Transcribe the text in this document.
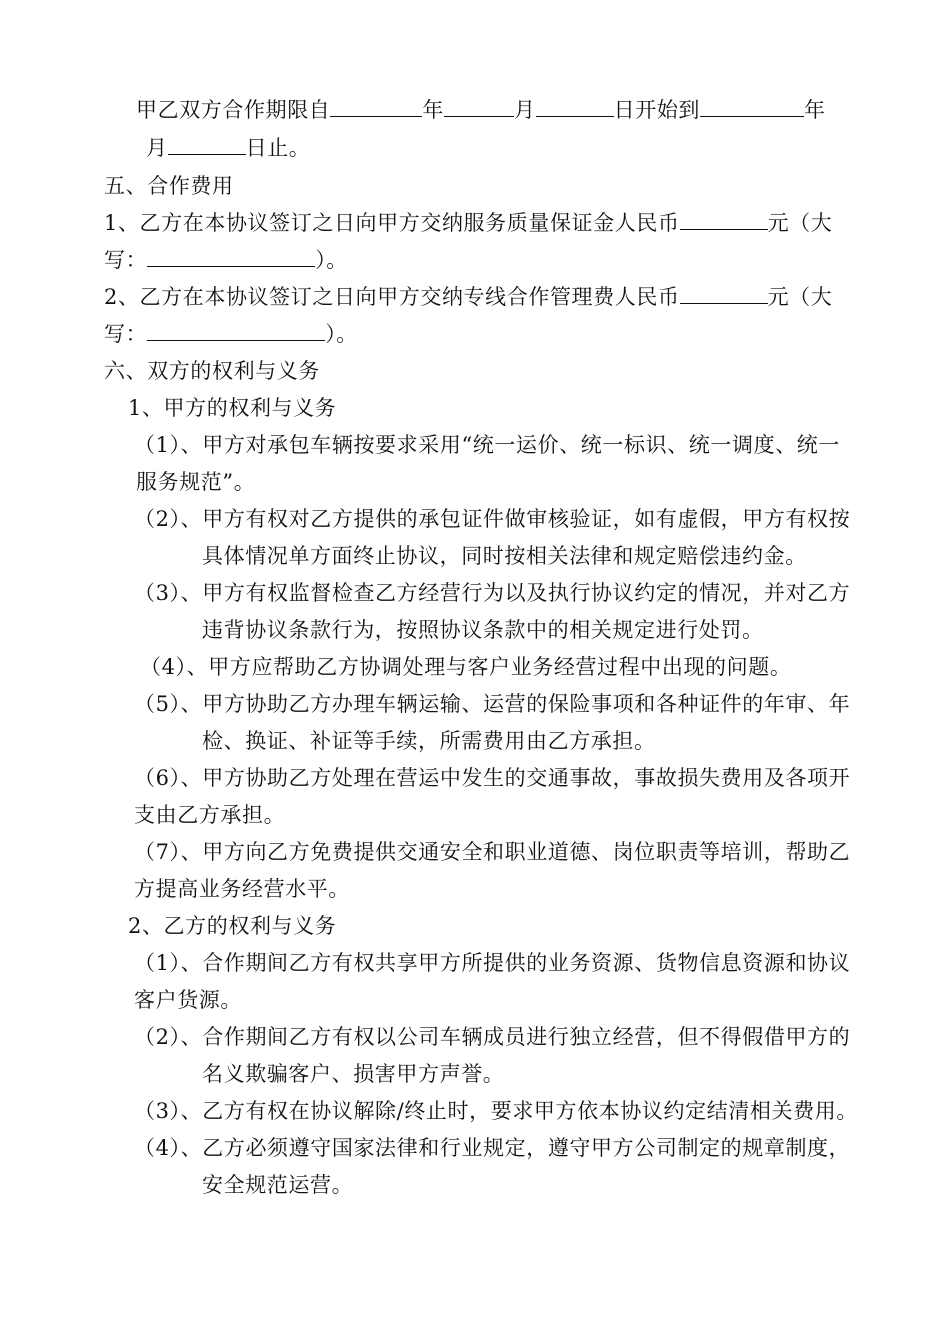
甲乙双方合作期限自	年	月	日开始到	年
月	日止。
五、合作费用
1、乙方在本协议签订之日向甲方交纳服务质量保证金人民币	元（大
写：	）。
2、乙方在本协议签订之日向甲方交纳专线合作管理费人民币	元（大
写：	）。
六、双方的权利与义务
1、甲方的权利与义务
（1）、甲方对承包车辆按要求采用“统一运价、统一标识、统一调度、统一
服务规范”。
（2）、甲方有权对乙方提供的承包证件做审核验证，如有虚假，甲方有权按
具体情况单方面终止协议，同时按相关法律和规定赔偿违约金。
（3）、甲方有权监督检查乙方经营行为以及执行协议约定的情况，并对乙方
违背协议条款行为，按照协议条款中的相关规定进行处罚。
（4）、甲方应帮助乙方协调处理与客户业务经营过程中出现的问题。
（5）、甲方协助乙方办理车辆运输、运营的保险事项和各种证件的年审、年
检、换证、补证等手续，所需费用由乙方承担。
（6）、甲方协助乙方处理在营运中发生的交通事故，事故损失费用及各项开
支由乙方承担。
（7）、甲方向乙方免费提供交通安全和职业道德、岗位职责等培训，帮助乙
方提高业务经营水平。
2、乙方的权利与义务
（1）、合作期间乙方有权共享甲方所提供的业务资源、货物信息资源和协议
客户货源。
（2）、合作期间乙方有权以公司车辆成员进行独立经营，但不得假借甲方的
名义欺骗客户、损害甲方声誉。
（3）、乙方有权在协议解除/终止时，要求甲方依本协议约定结清相关费用。
（4）、乙方必须遵守国家法律和行业规定，遵守甲方公司制定的规章制度，
安全规范运营。
